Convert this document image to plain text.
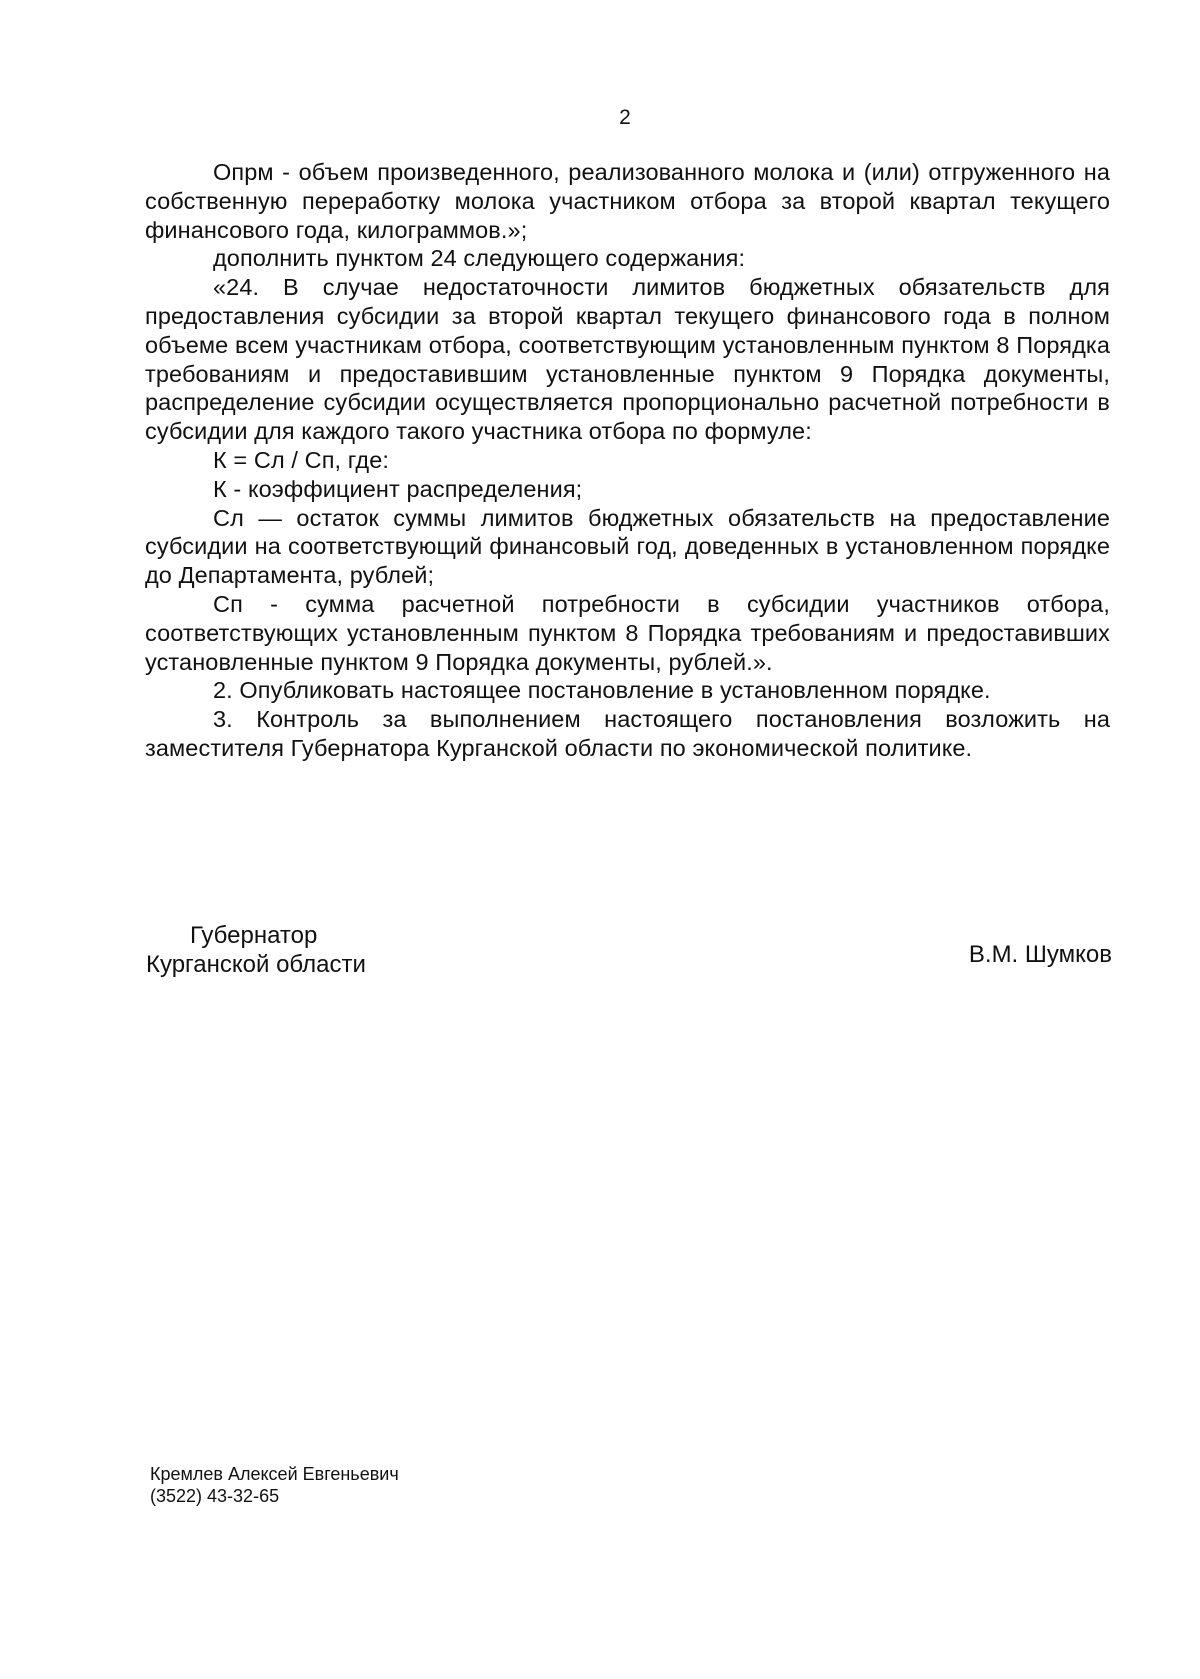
2

Опрм - объем произведенного, реализованного молока и (или) отгруженного на собственную переработку молока участником отбора за второй квартал текущего финансового года, килограммов.»;

дополнить пунктом 24 следующего содержания:

«24. В случае недостаточности лимитов бюджетных обязательств для предоставления субсидии за второй квартал текущего финансового года в полном объеме всем участникам отбора, соответствующим установленным пунктом 8 Порядка требованиям и предоставившим установленные пунктом 9 Порядка документы, распределение субсидии осуществляется пропорционально расчетной потребности в субсидии для каждого такого участника отбора по формуле:

К = Сл / Сп, где:

К - коэффициент распределения;

Сл — остаток суммы лимитов бюджетных обязательств на предоставление субсидии на соответствующий финансовый год, доведенных в установленном порядке до Департамента, рублей;

Сп - сумма расчетной потребности в субсидии участников отбора, соответствующих установленным пунктом 8 Порядка требованиям и предоставивших установленные пунктом 9 Порядка документы, рублей.».

2. Опубликовать настоящее постановление в установленном порядке.

3. Контроль за выполнением настоящего постановления возложить на заместителя Губернатора Курганской области по экономической политике.

Губернатор
Курганской области	В.М. Шумков
Кремлев Алексей Евгеньевич
(3522) 43-32-65
